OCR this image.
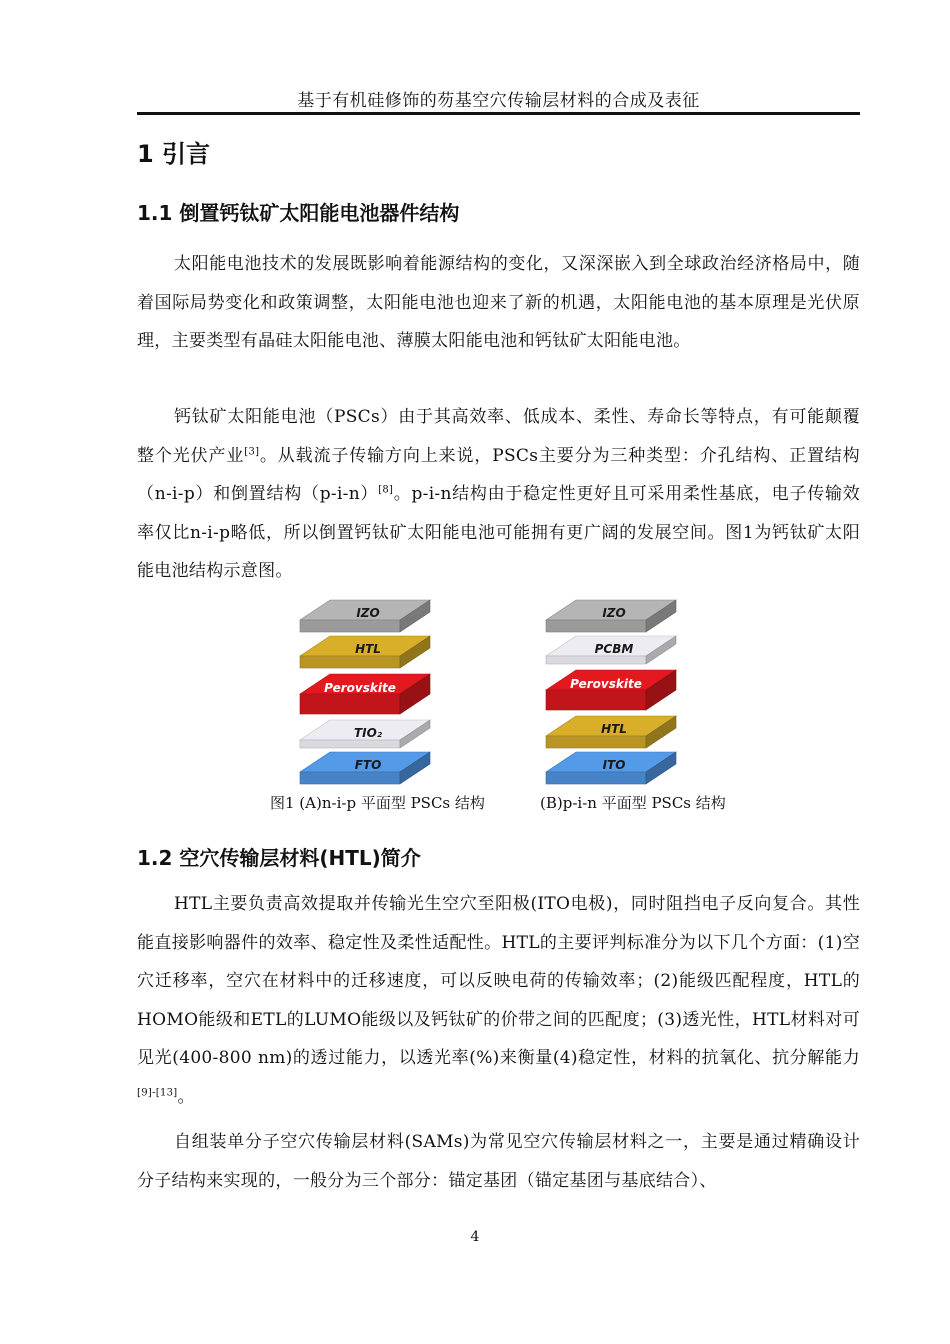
基于有机硅修饰的芴基空穴传输层材料的合成及表征
1 引言
1.1 倒置钙钛矿太阳能电池器件结构

太阳能电池技术的发展既影响着能源结构的变化，又深深嵌入到全球政治经济格局中，随着国际局势变化和政策调整，太阳能电池也迎来了新的机遇，太阳能电池的基本原理是光伏原理，主要类型有晶硅太阳能电池、薄膜太阳能电池和钙钛矿太阳能电池。

钙钛矿太阳能电池（PSCs）由于其高效率、低成本、柔性、寿命长等特点，有可能颠覆整个光伏产业[3]。从载流子传输方向上来说，PSCs主要分为三种类型：介孔结构、正置结构（n-i-p）和倒置结构（p-i-n）[8]。p-i-n结构由于稳定性更好且可采用柔性基底，电子传输效率仅比n-i-p略低，所以倒置钙钛矿太阳能电池可能拥有更广阔的发展空间。图1为钙钛矿太阳能电池结构示意图。

FTO
TIO₂
Perovskite
HTL
IZO
ITO
HTL
Perovskite
PCBM
IZO
图1 (A)n-i-p 平面型 PSCs 结构	(B)p-i-n 平面型 PSCs 结构
1.2 空穴传输层材料(HTL)简介

HTL主要负责高效提取并传输光生空穴至阳极(ITO电极)，同时阻挡电子反向复合。其性能直接影响器件的效率、稳定性及柔性适配性。HTL的主要评判标准分为以下几个方面：(1)空穴迁移率，空穴在材料中的迁移速度，可以反映电荷的传输效率；(2)能级匹配程度，HTL的HOMO能级和ETL的LUMO能级以及钙钛矿的价带之间的匹配度；(3)透光性，HTL材料对可见光(400-800 nm)的透过能力，以透光率(%)来衡量(4)稳定性，材料的抗氧化、抗分解能力[9]-[13]。

自组装单分子空穴传输层材料(SAMs)为常见空穴传输层材料之一，主要是通过精确设计分子结构来实现的，一般分为三个部分：锚定基团（锚定基团与基底结合）、

4
